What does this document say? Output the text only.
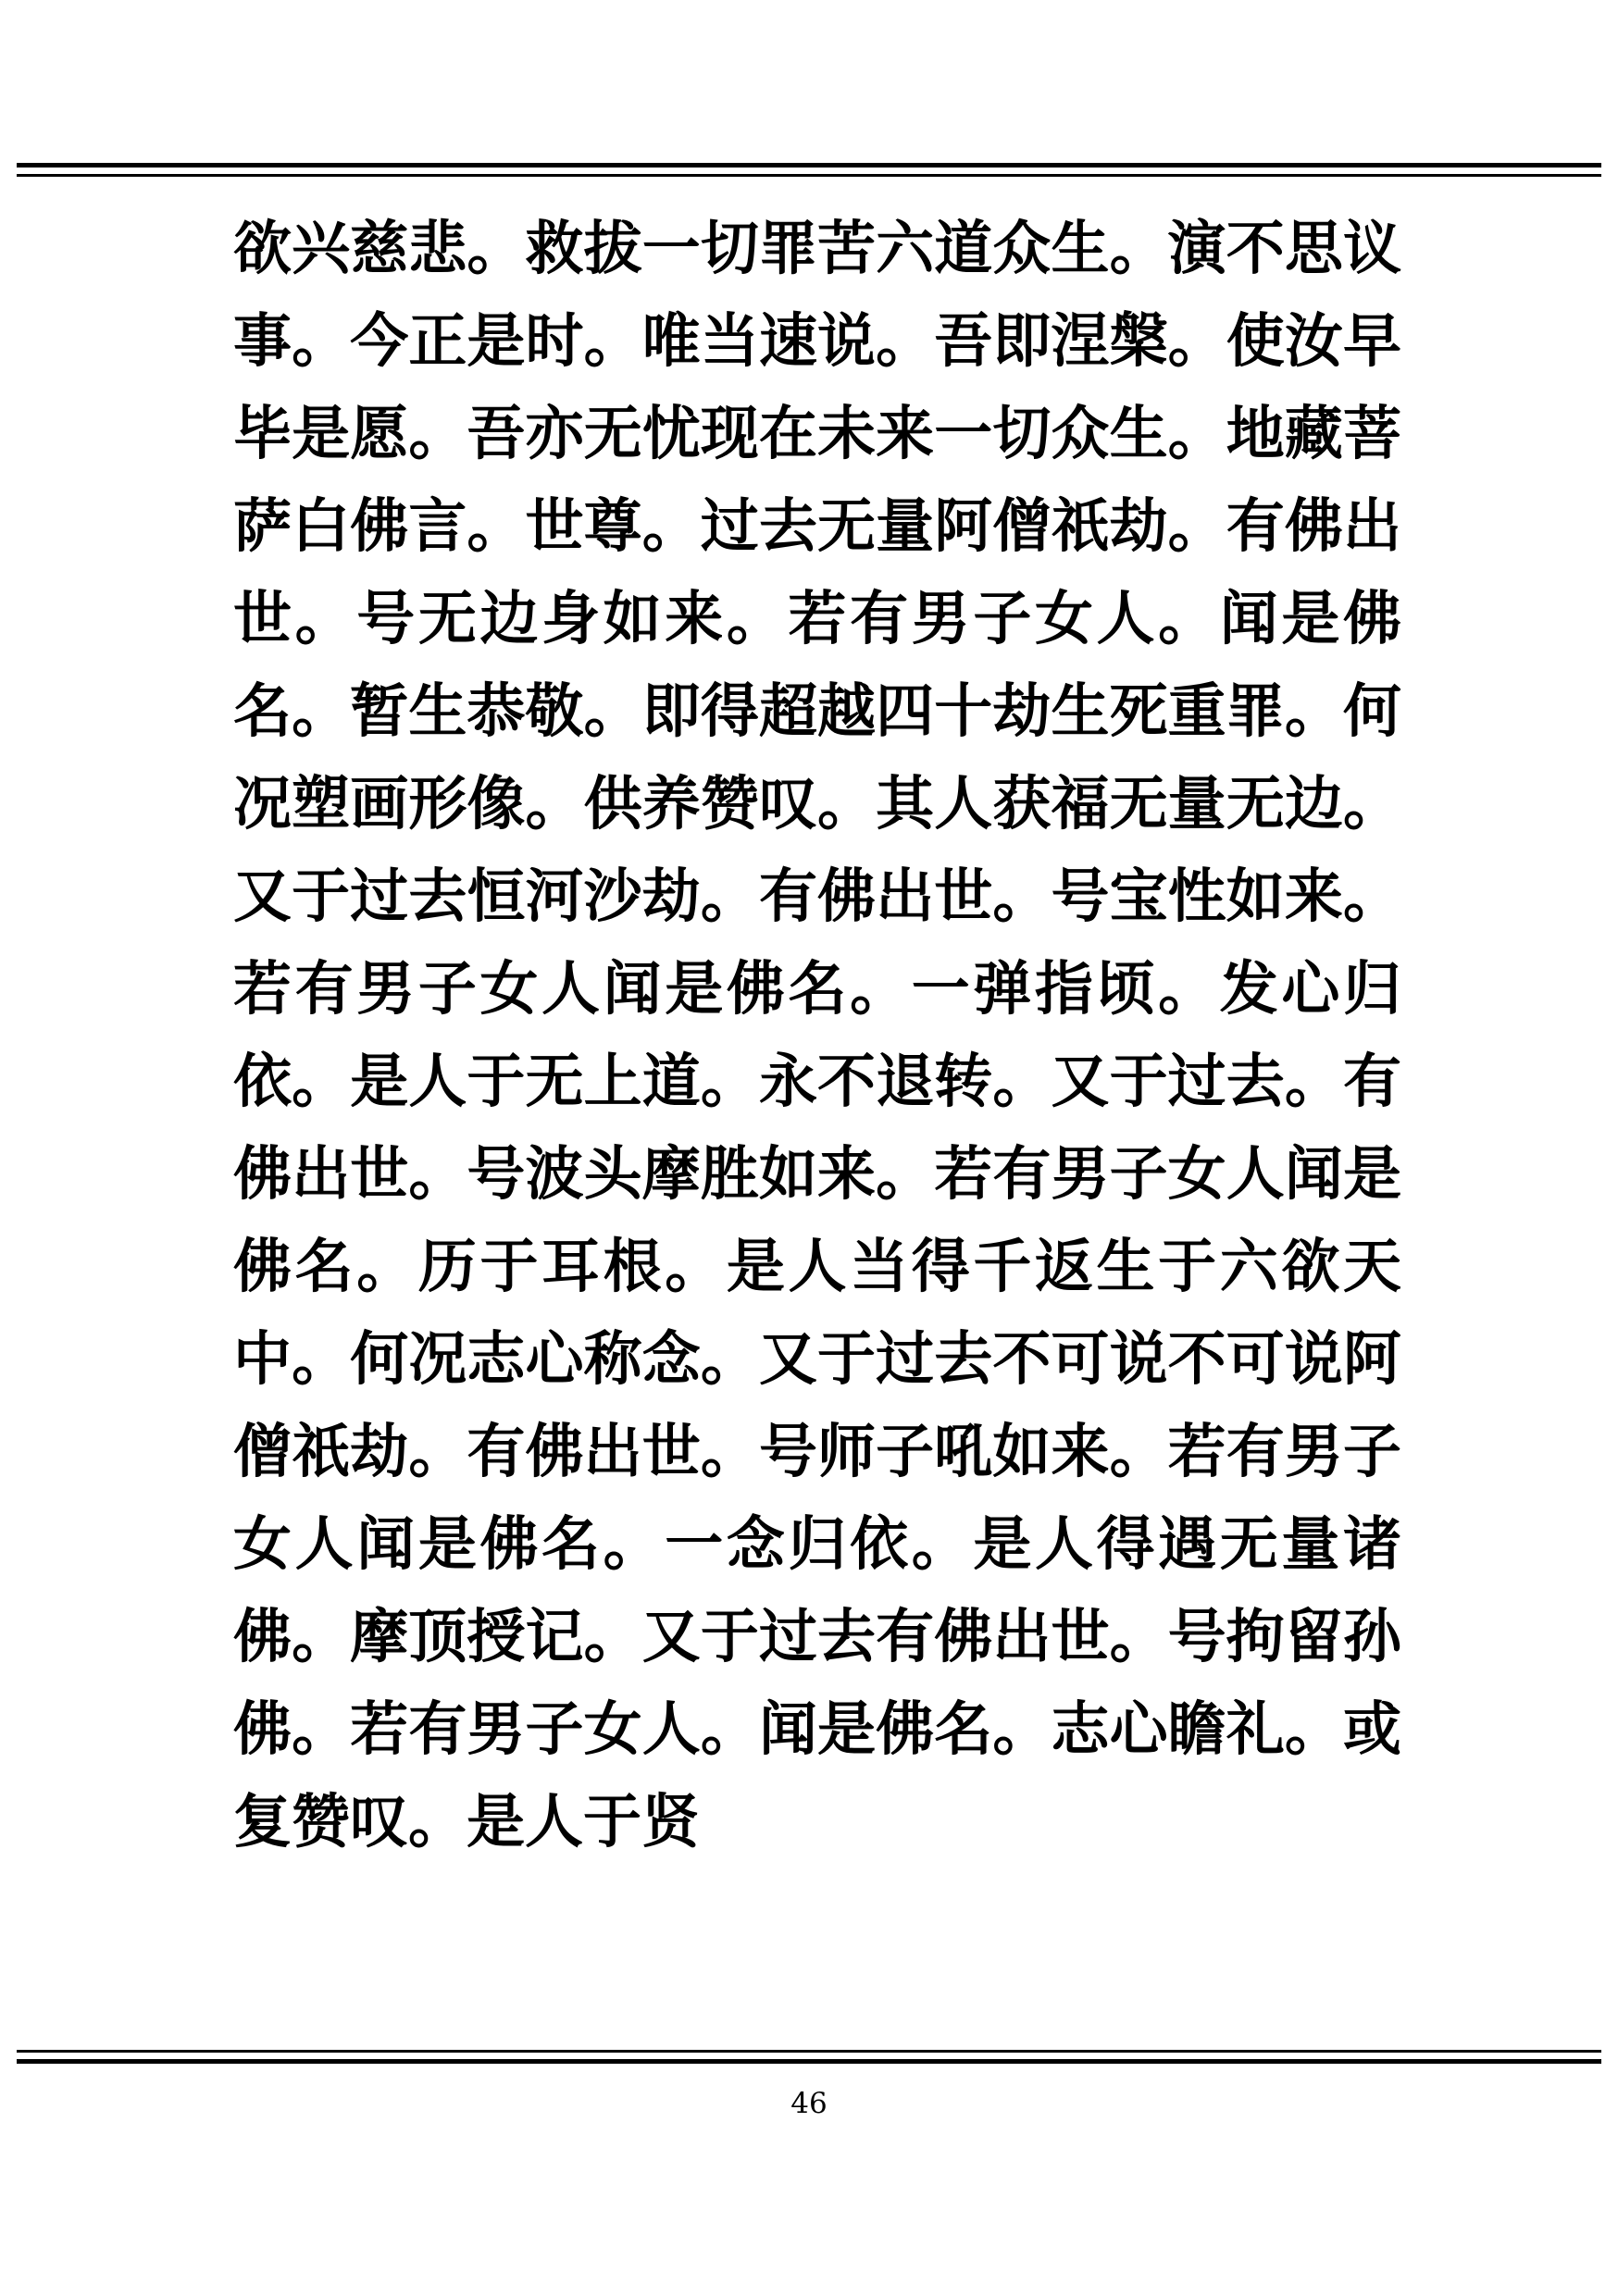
欲兴慈悲。救拔一切罪苦六道众生。演不思议事。今正是时。唯当速说。吾即涅槃。使汝早毕是愿。吾亦无忧现在未来一切众生。地藏菩萨白佛言。世尊。过去无量阿僧祇劫。有佛出世。号无边身如来。若有男子女人。闻是佛名。暂生恭敬。即得超越四十劫生死重罪。何况塑画形像。供养赞叹。其人获福无量无边。又于过去恒河沙劫。有佛出世。号宝性如来。若有男子女人闻是佛名。一弹指顷。发心归依。是人于无上道。永不退转。又于过去。有佛出世。号波头摩胜如来。若有男子女人闻是佛名。历于耳根。是人当得千返生于六欲天中。何况志心称念。又于过去不可说不可说阿僧祇劫。有佛出世。号师子吼如来。若有男子女人闻是佛名。一念归依。是人得遇无量诸佛。摩顶授记。又于过去有佛出世。号拘留孙佛。若有男子女人。闻是佛名。志心瞻礼。或复赞叹。是人于贤
46
